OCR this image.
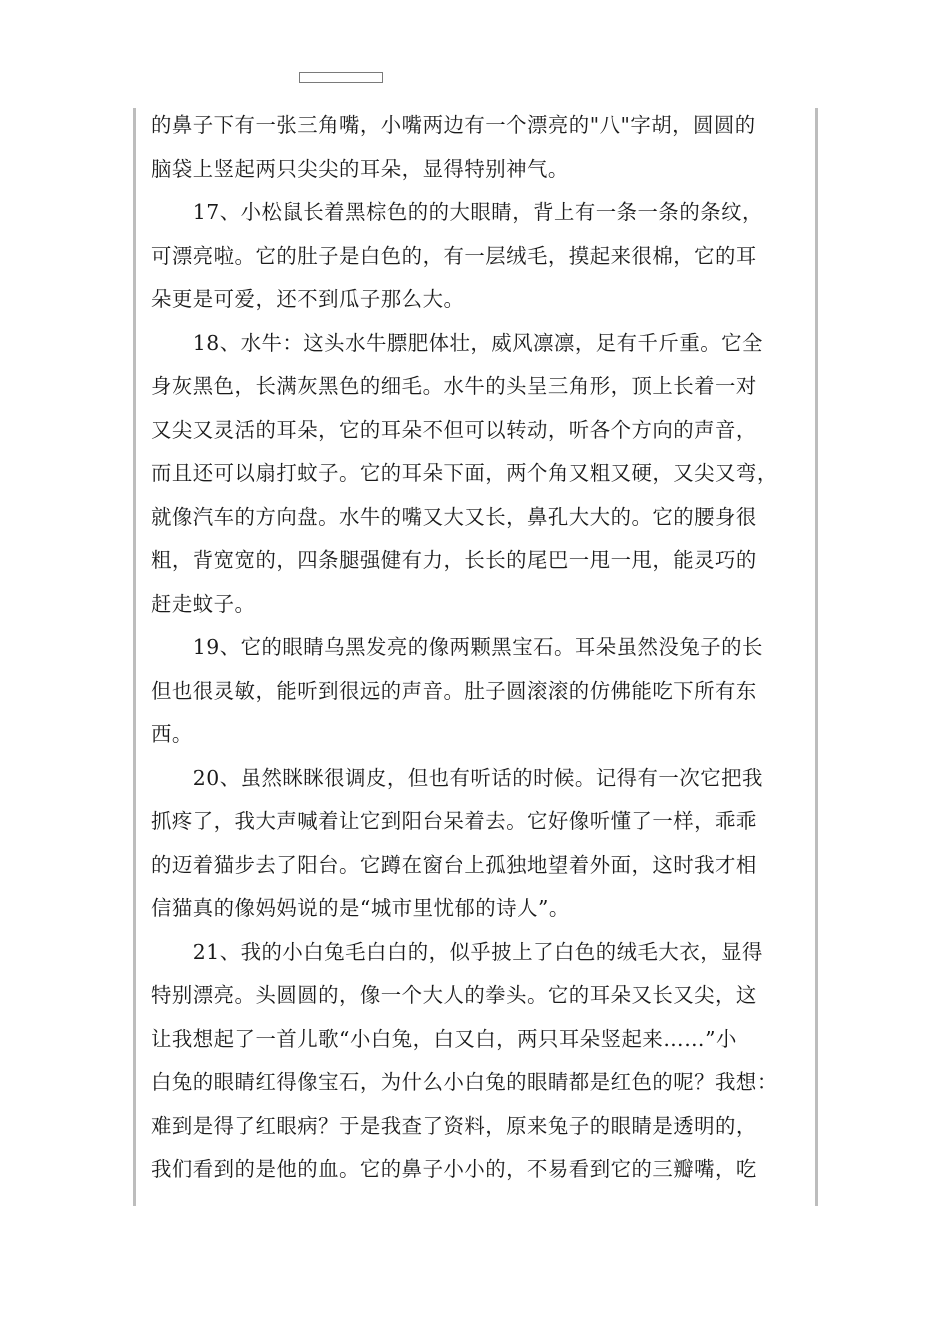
的鼻子下有一张三角嘴，小嘴两边有一个漂亮的"八"字胡，圆圆的
脑袋上竖起两只尖尖的耳朵，显得特别神气。
　　17、小松鼠长着黑棕色的的大眼睛，背上有一条一条的条纹，
可漂亮啦。它的肚子是白色的，有一层绒毛，摸起来很棉，它的耳
朵更是可爱，还不到瓜子那么大。
　　18、水牛：这头水牛膘肥体壮，威风凛凛，足有千斤重。它全
身灰黑色，长满灰黑色的细毛。水牛的头呈三角形，顶上长着一对
又尖又灵活的耳朵，它的耳朵不但可以转动，听各个方向的声音，
而且还可以扇打蚊子。它的耳朵下面，两个角又粗又硬，又尖又弯，
就像汽车的方向盘。水牛的嘴又大又长，鼻孔大大的。它的腰身很
粗，背宽宽的，四条腿强健有力，长长的尾巴一甩一甩，能灵巧的
赶走蚊子。
　　19、它的眼睛乌黑发亮的像两颗黑宝石。耳朵虽然没兔子的长
但也很灵敏，能听到很远的声音。肚子圆滚滚的仿佛能吃下所有东
西。
　　20、虽然眯眯很调皮，但也有听话的时候。记得有一次它把我
抓疼了，我大声喊着让它到阳台呆着去。它好像听懂了一样，乖乖
的迈着猫步去了阳台。它蹲在窗台上孤独地望着外面，这时我才相
信猫真的像妈妈说的是“城市里忧郁的诗人”。
　　21、我的小白兔毛白白的，似乎披上了白色的绒毛大衣，显得
特别漂亮。头圆圆的，像一个大人的拳头。它的耳朵又长又尖，这
让我想起了一首儿歌“小白兔，白又白，两只耳朵竖起来……”小
白兔的眼睛红得像宝石，为什么小白兔的眼睛都是红色的呢？我想：
难到是得了红眼病？于是我查了资料，原来兔子的眼睛是透明的，
我们看到的是他的血。它的鼻子小小的，不易看到它的三瓣嘴，吃
